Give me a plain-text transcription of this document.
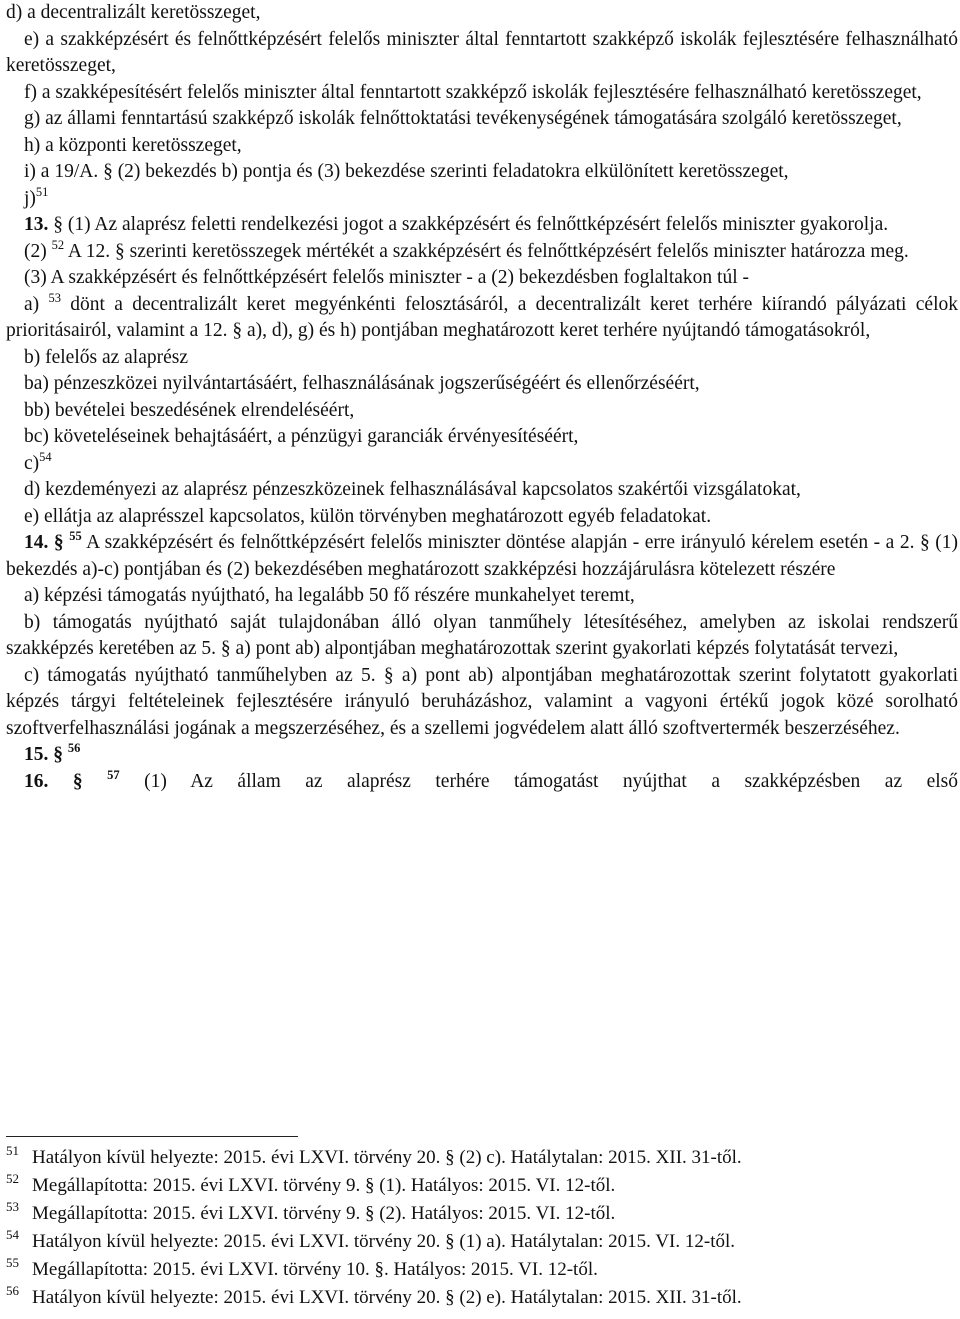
d) a decentralizált keretösszeget,

e) a szakképzésért és felnőttképzésért felelős miniszter által fenntartott szakképző iskolák fejlesztésére felhasználható keretösszeget,

f) a szakképesítésért felelős miniszter által fenntartott szakképző iskolák fejlesztésére felhasználható keretösszeget,

g) az állami fenntartású szakképző iskolák felnőttoktatási tevékenységének támogatására szolgáló keretösszeget,

h) a központi keretösszeget,

i) a 19/A. § (2) bekezdés b) pontja és (3) bekezdése szerinti feladatokra elkülönített keretösszeget,

j)$^{51}$

13. § (1) Az alaprész feletti rendelkezési jogot a szakképzésért és felnőttképzésért felelős miniszter gyakorolja.

(2) $^{52}$ A 12. § szerinti keretösszegek mértékét a szakképzésért és felnőttképzésért felelős miniszter határozza meg.

(3) A szakképzésért és felnőttképzésért felelős miniszter - a (2) bekezdésben foglaltakon túl -

a) $^{53}$ dönt a decentralizált keret megyénkénti felosztásáról, a decentralizált keret terhére kiírandó pályázati célok prioritásairól, valamint a 12. § a), d), g) és h) pontjában meghatározott keret terhére nyújtandó támogatásokról,

b) felelős az alaprész

ba) pénzeszközei nyilvántartásáért, felhasználásának jogszerűségéért és ellenőrzéséért,

bb) bevételei beszedésének elrendeléséért,

bc) követeléseinek behajtásáért, a pénzügyi garanciák érvényesítéséért,

c)$^{54}$

d) kezdeményezi az alaprész pénzeszközeinek felhasználásával kapcsolatos szakértői vizsgálatokat,

e) ellátja az alaprésszel kapcsolatos, külön törvényben meghatározott egyéb feladatokat.

14. § $^{55}$ A szakképzésért és felnőttképzésért felelős miniszter döntése alapján - erre irányuló kérelem esetén - a 2. § (1) bekezdés a)-c) pontjában és (2) bekezdésében meghatározott szakképzési hozzájárulásra kötelezett részére

a) képzési támogatás nyújtható, ha legalább 50 fő részére munkahelyet teremt,

b) támogatás nyújtható saját tulajdonában álló olyan tanműhely létesítéséhez, amelyben az iskolai rendszerű szakképzés keretében az 5. § a) pont ab) alpontjában meghatározottak szerint gyakorlati képzés folytatását tervezi,

c) támogatás nyújtható tanműhelyben az 5. § a) pont ab) alpontjában meghatározottak szerint folytatott gyakorlati képzés tárgyi feltételeinek fejlesztésére irányuló beruházáshoz, valamint a vagyoni értékű jogok közé sorolható szoftverfelhasználási jogának a megszerzéséhez, és a szellemi jogvédelem alatt álló szoftvertermék beszerzéséhez.

15. § $^{56}$

16. § $^{57}$ (1) Az állam az alaprész terhére támogatást nyújthat a szakképzésben az első

51 Hatályon kívül helyezte: 2015. évi LXVI. törvény 20. § (2) c). Hatálytalan: 2015. XII. 31-től.

52 Megállapította: 2015. évi LXVI. törvény 9. § (1). Hatályos: 2015. VI. 12-től.

53 Megállapította: 2015. évi LXVI. törvény 9. § (2). Hatályos: 2015. VI. 12-től.

54 Hatályon kívül helyezte: 2015. évi LXVI. törvény 20. § (1) a). Hatálytalan: 2015. VI. 12-től.

55 Megállapította: 2015. évi LXVI. törvény 10. §. Hatályos: 2015. VI. 12-től.

56 Hatályon kívül helyezte: 2015. évi LXVI. törvény 20. § (2) e). Hatálytalan: 2015. XII. 31-től.
